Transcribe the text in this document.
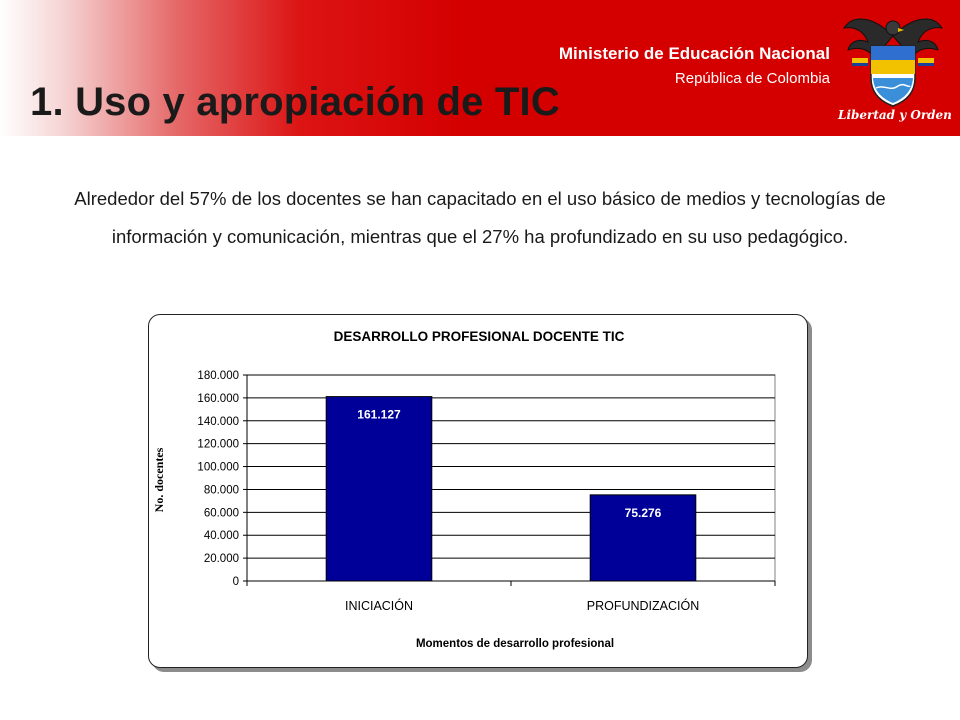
Ministerio de Educación Nacional
República de Colombia
1. Uso y apropiación de TIC	Libertad y Orden
Alrededor del 57% de los docentes se han capacitado en el uso básico de medios y tecnologías de información y comunicación, mientras que el 27% ha profundizado en su uso pedagógico.
DESARROLLO PROFESIONAL DOCENTE TIC
No. docentes
Momentos de desarrollo profesional
0
20.000
40.000
60.000
80.000
100.000
120.000
140.000
160.000
180.000
161.127
INICIACIÓN
75.276
PROFUNDIZACIÓN
